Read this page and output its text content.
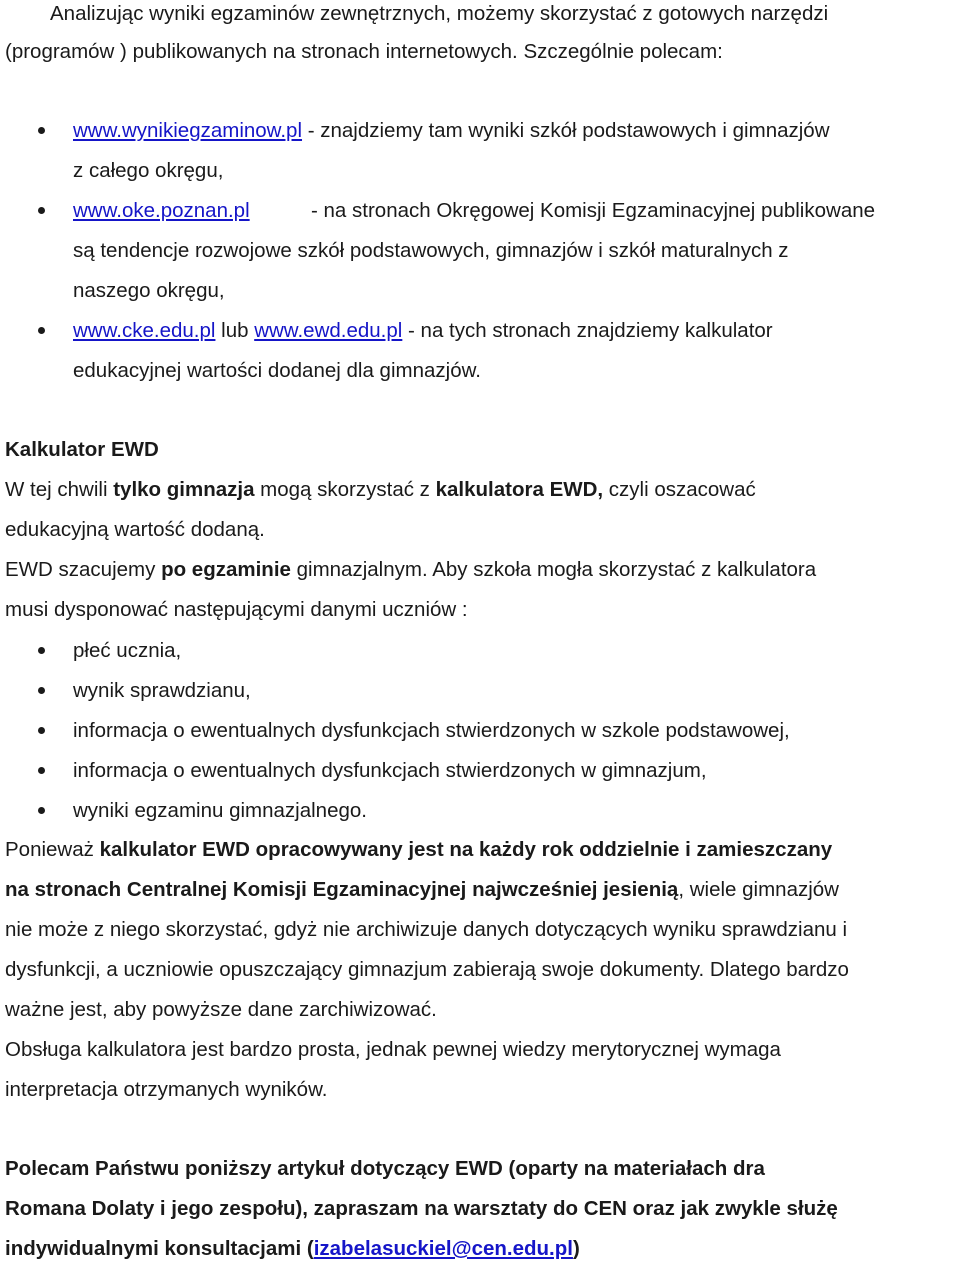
Analizując wyniki egzaminów zewnętrznych, możemy skorzystać z gotowych narzędzi
(programów ) publikowanych na stronach internetowych. Szczególnie polecam:
www.wynikiegzaminow.pl - znajdziemy tam wyniki szkół podstawowych i gimnazjów
z całego okręgu,
www.oke.poznan.pl	- na stronach Okręgowej Komisji Egzaminacyjnej publikowane
są tendencje rozwojowe szkół podstawowych, gimnazjów i szkół maturalnych z
naszego okręgu,
www.cke.edu.pl lub www.ewd.edu.pl - na tych stronach znajdziemy kalkulator
edukacyjnej wartości dodanej dla gimnazjów.
Kalkulator EWD
W tej chwili tylko gimnazja mogą skorzystać z kalkulatora EWD, czyli oszacować
edukacyjną wartość dodaną.
EWD szacujemy po egzaminie gimnazjalnym. Aby szkoła mogła skorzystać z kalkulatora
musi dysponować następującymi danymi uczniów :
płeć ucznia,
wynik sprawdzianu,
informacja o ewentualnych dysfunkcjach stwierdzonych w szkole podstawowej,
informacja o ewentualnych dysfunkcjach stwierdzonych w gimnazjum,
wyniki egzaminu gimnazjalnego.
Ponieważ kalkulator EWD opracowywany jest na każdy rok oddzielnie i zamieszczany
na stronach Centralnej Komisji Egzaminacyjnej najwcześniej jesienią, wiele gimnazjów
nie może z niego skorzystać, gdyż nie archiwizuje danych dotyczących wyniku sprawdzianu i
dysfunkcji, a uczniowie opuszczający gimnazjum zabierają swoje dokumenty. Dlatego bardzo
ważne jest, aby powyższe dane zarchiwizować.
Obsługa kalkulatora jest bardzo prosta, jednak pewnej wiedzy merytorycznej wymaga
interpretacja otrzymanych wyników.
Polecam Państwu poniższy artykuł dotyczący EWD (oparty na materiałach dra
Romana Dolaty i jego zespołu), zapraszam na warsztaty do CEN oraz jak zwykle służę
indywidualnymi konsultacjami (izabelasuckiel@cen.edu.pl)
